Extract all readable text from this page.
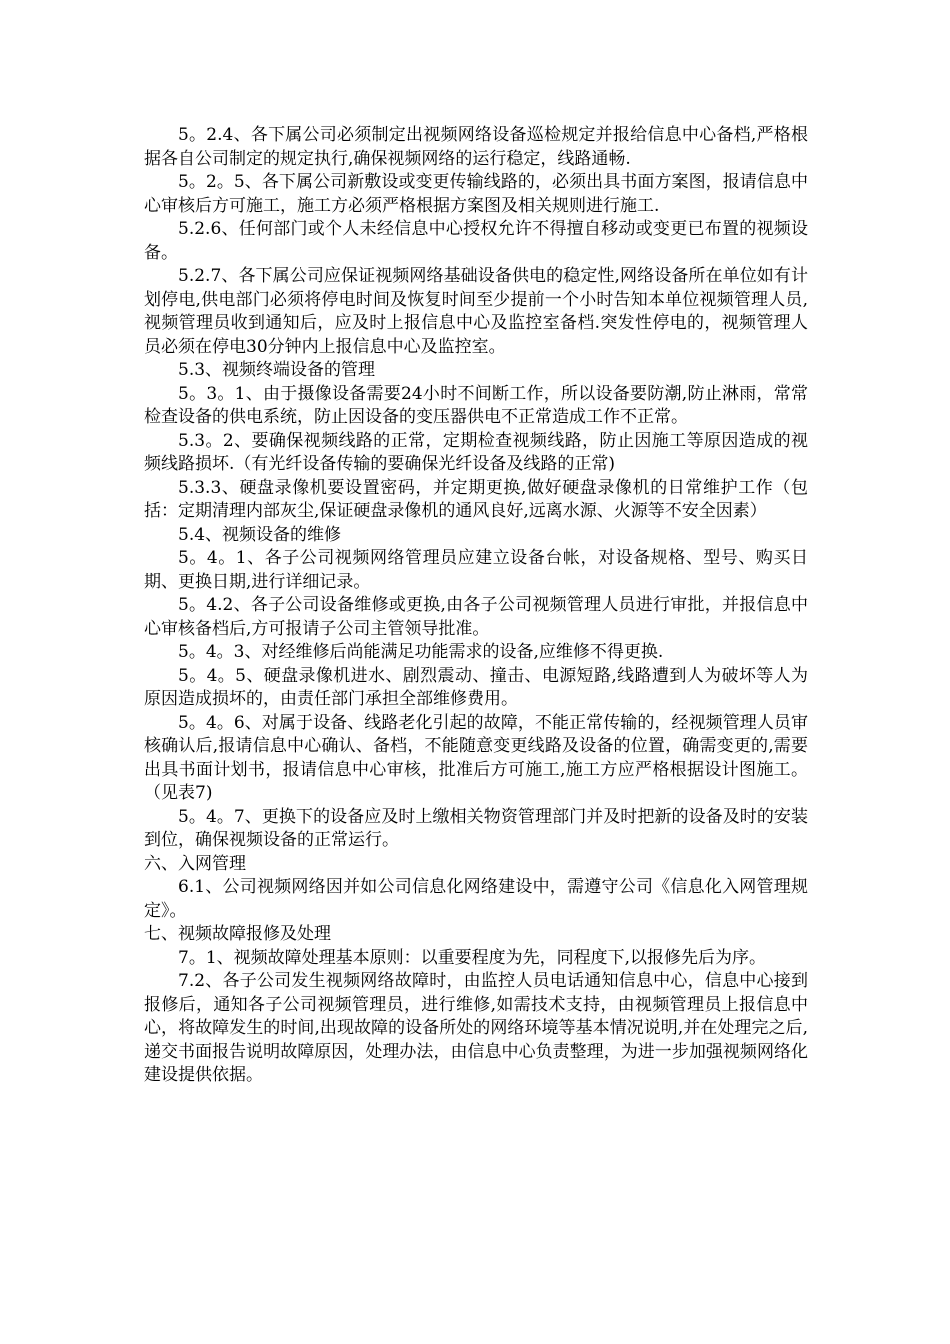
5。2.4、各下属公司必须制定出视频网络设备巡检规定并报给信息中心备档,严格根据各自公司制定的规定执行,确保视频网络的运行稳定，线路通畅.

5。2。5、各下属公司新敷设或变更传输线路的，必须出具书面方案图，报请信息中心审核后方可施工，施工方必须严格根据方案图及相关规则进行施工.

5.2.6、任何部门或个人未经信息中心授权允许不得擅自移动或变更已布置的视频设备。

5.2.7、各下属公司应保证视频网络基础设备供电的稳定性,网络设备所在单位如有计划停电,供电部门必须将停电时间及恢复时间至少提前一个小时告知本单位视频管理人员,视频管理员收到通知后，应及时上报信息中心及监控室备档.突发性停电的，视频管理人员必须在停电30分钟内上报信息中心及监控室。

5.3、视频终端设备的管理

5。3。1、由于摄像设备需要24小时不间断工作，所以设备要防潮,防止淋雨，常常检查设备的供电系统，防止因设备的变压器供电不正常造成工作不正常。

5.3。2、要确保视频线路的正常，定期检查视频线路，防止因施工等原因造成的视频线路损坏.（有光纤设备传输的要确保光纤设备及线路的正常)

5.3.3、硬盘录像机要设置密码，并定期更换,做好硬盘录像机的日常维护工作（包括：定期清理内部灰尘,保证硬盘录像机的通风良好,远离水源、火源等不安全因素）

5.4、视频设备的维修

5。4。1、各子公司视频网络管理员应建立设备台帐，对设备规格、型号、购买日期、更换日期,进行详细记录。

5。4.2、各子公司设备维修或更换,由各子公司视频管理人员进行审批，并报信息中心审核备档后,方可报请子公司主管领导批准。

5。4。3、对经维修后尚能满足功能需求的设备,应维修不得更换.

5。4。5、硬盘录像机进水、剧烈震动、撞击、电源短路,线路遭到人为破坏等人为原因造成损坏的，由责任部门承担全部维修费用。

5。4。6、对属于设备、线路老化引起的故障，不能正常传输的，经视频管理人员审核确认后,报请信息中心确认、备档，不能随意变更线路及设备的位置，确需变更的,需要出具书面计划书，报请信息中心审核，批准后方可施工,施工方应严格根据设计图施工。（见表7)

5。4。7、更换下的设备应及时上缴相关物资管理部门并及时把新的设备及时的安装到位，确保视频设备的正常运行。

六、入网管理

6.1、公司视频网络因并如公司信息化网络建设中，需遵守公司《信息化入网管理规定》。

七、视频故障报修及处理

7。1、视频故障处理基本原则：以重要程度为先，同程度下,以报修先后为序。

7.2、各子公司发生视频网络故障时，由监控人员电话通知信息中心，信息中心接到报修后，通知各子公司视频管理员，进行维修,如需技术支持，由视频管理员上报信息中心，将故障发生的时间,出现故障的设备所处的网络环境等基本情况说明,并在处理完之后,递交书面报告说明故障原因，处理办法，由信息中心负责整理，为进一步加强视频网络化建设提供依据。
